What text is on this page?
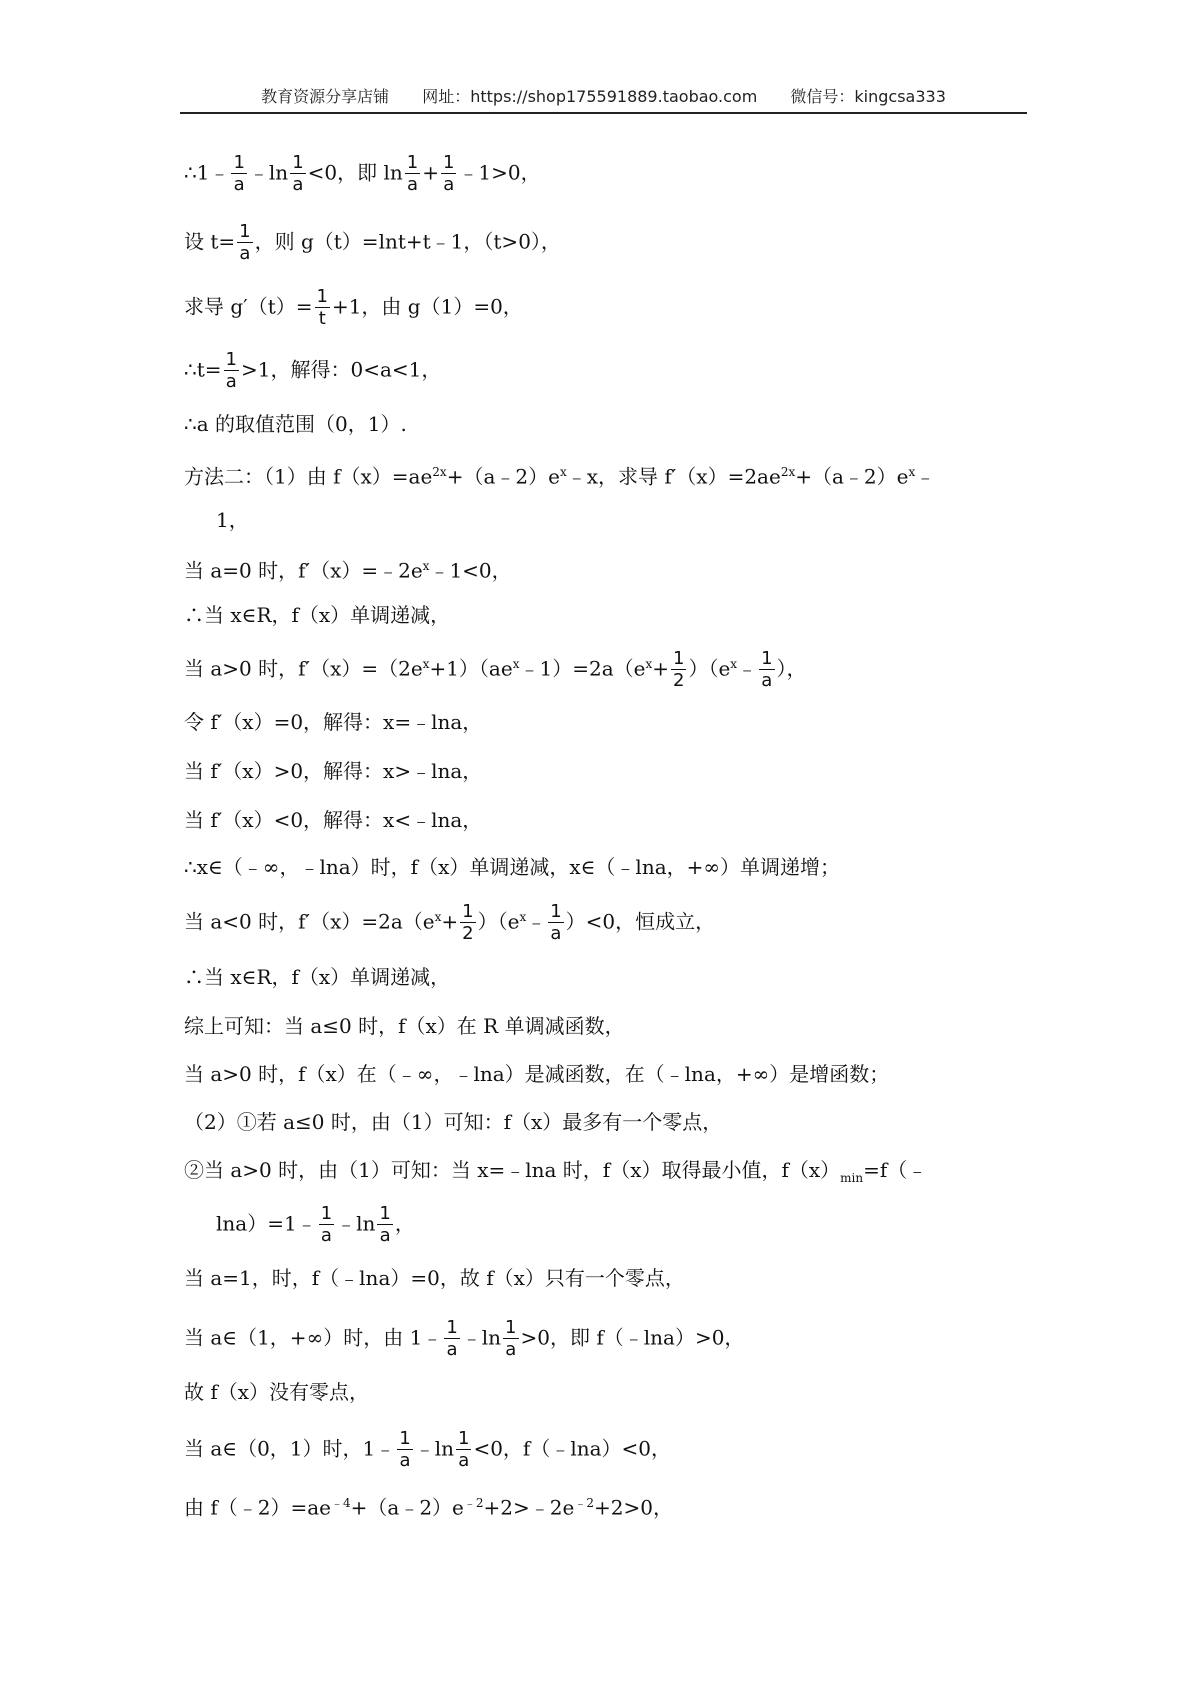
教育资源分享店铺 网址：https://shop175591889.taobao.com 微信号：kingcsa333
∴1﹣ $\frac{1}{a}$ ﹣ln $\frac{1}{a} <0$，即 $\ln \frac{1}{a} + \frac{1}{a}$ ﹣1>0，
设 $t= \frac{1}{a}$ ，则 g（t）=lnt+t﹣1，（t>0），
求导 $g'(t)= \frac{1}{t} +1$，由 g（1）=0，
∴t= $\frac{1}{a} >1$，解得：0<a<1，
∴a 的取值范围（0，1）.
方法二：（1）由 $f(x)=ae^{2x}+(a﹣2)e^x﹣x$，求导 $f'(x)=2ae^{2x}+(a﹣2)e^x﹣$
1，
当 a=0 时，$f'(x)=﹣2e^x﹣1<0$，
∴当 x∈R，f（x）单调递减，
当 a>0 时，$f'(x)=(2e^x+1)(ae^x﹣1)=2a(e^x+ \frac{1}{2}$ ）（$e^x﹣ \frac{1}{a}$ ），
令 f′（x）=0，解得：x=﹣lna，
当 f′（x）>0，解得：x>﹣lna，
当 f′（x）<0，解得：x<﹣lna，
∴x∈（﹣∞，﹣lna）时，f（x）单调递减，x∈（﹣lna，+∞）单调递增；
当 a<0 时，$f'(x)=2a(e^x+ \frac{1}{2}$ ）$(e^x﹣ \frac{1}{a} )<0$，恒成立，
∴当 x∈R，f（x）单调递减，
综上可知：当 a≤0 时，f（x）在 R 单调减函数，
当 a>0 时，f（x）在（﹣∞，﹣lna）是减函数，在（﹣lna，+∞）是增函数；
（2）①若 a≤0 时，由（1）可知：f（x）最多有一个零点，
②当 a>0 时，由（1）可知：当 x=﹣lna 时，f（x）取得最小值，$f(x)_{min}=f(﹣$
lna）=1﹣ $\frac{1}{a}$ ﹣ln $\frac{1}{a}$ ，
当 a=1，时，f（﹣lna）=0，故 f（x）只有一个零点，
当 a∈（1，+∞）时，由 1﹣ $\frac{1}{a}$ ﹣ln $\frac{1}{a} >0$，即 f（﹣lna）>0，
故 f（x）没有零点，
当 a∈（0，1）时，1﹣ $\frac{1}{a}$ ﹣ln $\frac{1}{a} <0$，f（﹣lna）<0，
由 $f(﹣2)=ae^{﹣4}+(a﹣2)e^{﹣2}+2>﹣2e^{﹣2}+2>0$，
